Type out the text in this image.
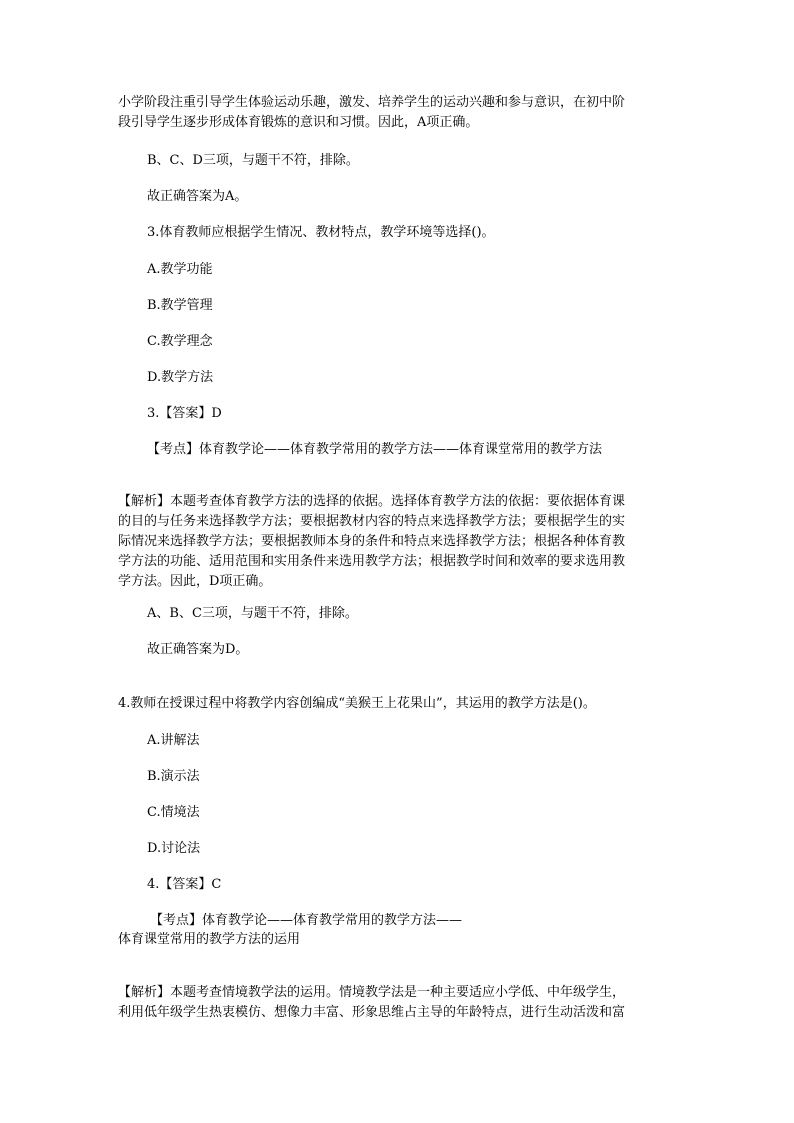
小学阶段注重引导学生体验运动乐趣，激发、培养学生的运动兴趣和参与意识，在初中阶
段引导学生逐步形成体育锻炼的意识和习惯。因此，A项正确。
B、C、D三项，与题干不符，排除。
故正确答案为A。
3.体育教师应根据学生情况、教材特点，教学环境等选择()。
A.教学功能
B.教学管理
C.教学理念
D.教学方法
3.【答案】D
【考点】体育教学论——体育教学常用的教学方法——体育课堂常用的教学方法
【解析】本题考查体育教学方法的选择的依据。选择体育教学方法的依据：要依据体育课
的目的与任务来选择教学方法；要根据教材内容的特点来选择教学方法；要根据学生的实
际情况来选择教学方法；要根据教师本身的条件和特点来选择教学方法；根据各种体育教
学方法的功能、适用范围和实用条件来选用教学方法；根据教学时间和效率的要求选用教
学方法。因此，D项正确。
A、B、C三项，与题干不符，排除。
故正确答案为D。
4.教师在授课过程中将教学内容创编成“美猴王上花果山”，其运用的教学方法是()。
A.讲解法
B.演示法
C.情境法
D.讨论法
4.【答案】C
【考点】体育教学论——体育教学常用的教学方法——
体育课堂常用的教学方法的运用
【解析】本题考查情境教学法的运用。情境教学法是一种主要适应小学低、中年级学生，
利用低年级学生热衷模仿、想像力丰富、形象思维占主导的年龄特点，进行生动活泼和富
